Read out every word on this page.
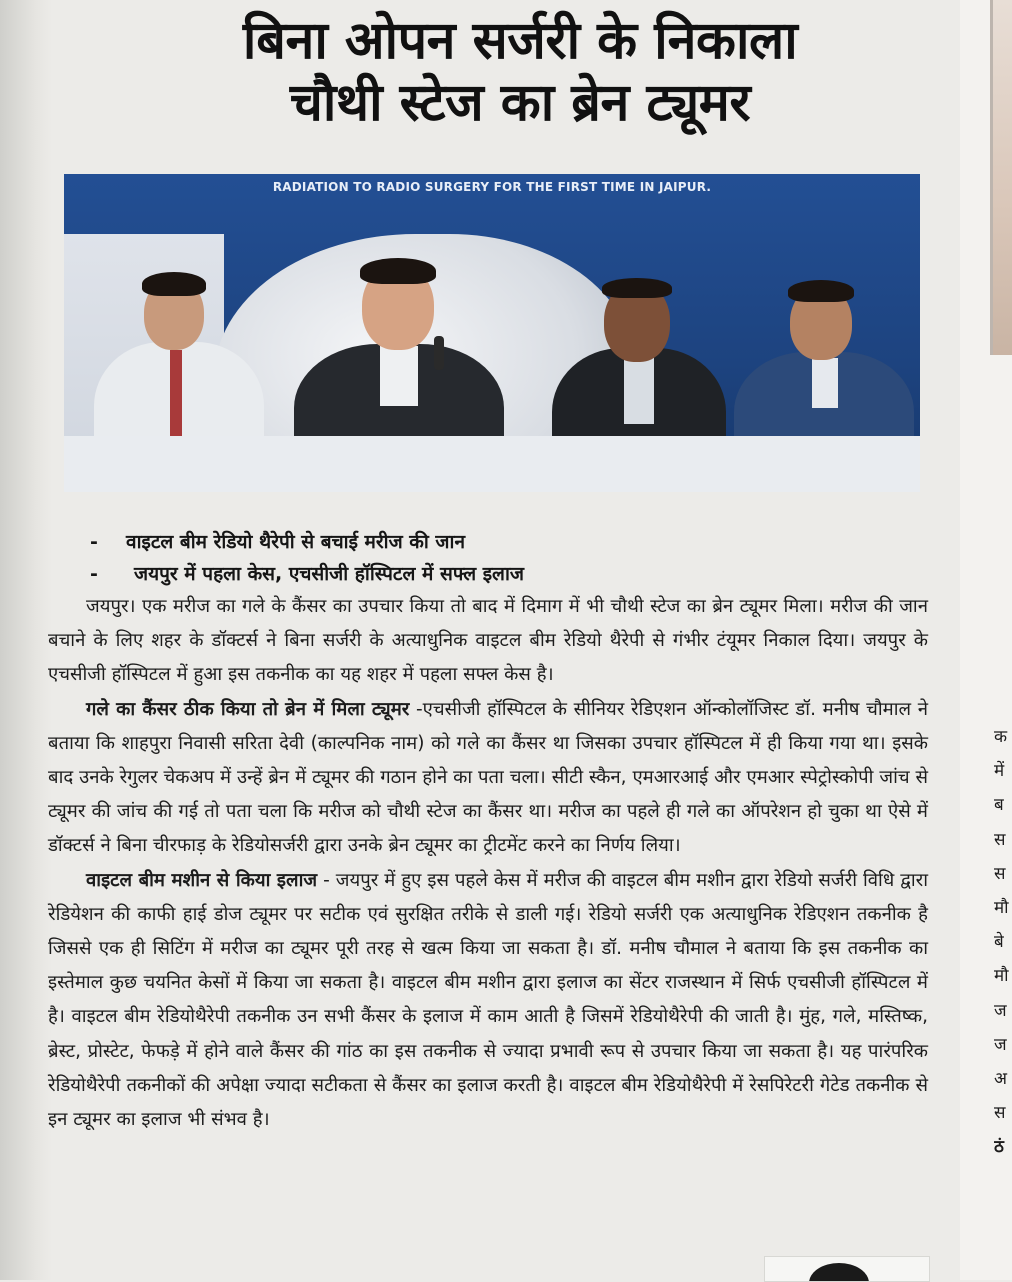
बिना ओपन सर्जरी के निकाला
चौथी स्टेज का ब्रेन ट्यूमर
RADIATION TO RADIO SURGERY FOR THE FIRST TIME IN JAIPUR.
- वाइटल बीम रेडियो थैरेपी से बचाई मरीज की जान
- जयपुर में पहला केस, एचसीजी हॉस्पिटल में सफ्ल इलाज

जयपुर। एक मरीज का गले के कैंसर का उपचार किया तो बाद में दिमाग में भी चौथी स्टेज का ब्रेन ट्यूमर मिला। मरीज की जान बचाने के लिए शहर के डॉक्टर्स ने बिना सर्जरी के अत्याधुनिक वाइटल बीम रेडियो थैरेपी से गंभीर टंयूमर निकाल दिया। जयपुर के एचसीजी हॉस्पिटल में हुआ इस तकनीक का यह शहर में पहला सफ्ल केस है।

गले का कैंसर ठीक किया तो ब्रेन में मिला ट्यूमर -एचसीजी हॉस्पिटल के सीनियर रेडिएशन ऑन्कोलॉजिस्ट डॉ. मनीष चौमाल ने बताया कि शाहपुरा निवासी सरिता देवी (काल्पनिक नाम) को गले का कैंसर था जिसका उपचार हॉस्पिटल में ही किया गया था। इसके बाद उनके रेगुलर चेकअप में उन्हें ब्रेन में ट्यूमर की गठान होने का पता चला। सीटी स्कैन, एमआरआई और एमआर स्पेट्रोस्कोपी जांच से ट्यूमर की जांच की गई तो पता चला कि मरीज को चौथी स्टेज का कैंसर था। मरीज का पहले ही गले का ऑपरेशन हो चुका था ऐसे में डॉक्टर्स ने बिना चीरफाड़ के रेडियोसर्जरी द्वारा उनके ब्रेन ट्यूमर का ट्रीटमेंट करने का निर्णय लिया।

वाइटल बीम मशीन से किया इलाज - जयपुर में हुए इस पहले केस में मरीज की वाइटल बीम मशीन द्वारा रेडियो सर्जरी विधि द्वारा रेडियेशन की काफी हाई डोज ट्यूमर पर सटीक एवं सुरक्षित तरीके से डाली गई। रेडियो सर्जरी एक अत्याधुनिक रेडिएशन तकनीक है जिससे एक ही सिटिंग में मरीज का ट्यूमर पूरी तरह से खत्म किया जा सकता है। डॉ. मनीष चौमाल ने बताया कि इस तकनीक का इस्तेमाल कुछ चयनित केसों में किया जा सकता है। वाइटल बीम मशीन द्वारा इलाज का सेंटर राजस्थान में सिर्फ एचसीजी हॉस्पिटल में है। वाइटल बीम रेडियोथैरेपी तकनीक उन सभी कैंसर के इलाज में काम आती है जिसमें रेडियोथैरेपी की जाती है। मुंह, गले, मस्तिष्क, ब्रेस्ट, प्रोस्टेट, फेफड़े में होने वाले कैंसर की गांठ का इस तकनीक से ज्यादा प्रभावी रूप से उपचार किया जा सकता है। यह पारंपरिक रेडियोथैरेपी तकनीकों की अपेक्षा ज्यादा सटीकता से कैंसर का इलाज करती है। वाइटल बीम रेडियोथैरेपी में रेसपिरेटरी गेटेड तकनीक से इन ट्यूमर का इलाज भी संभव है।

क
में
ब
स
स
मौ
बे
मौ
ज
ज
अ
स
ठं
